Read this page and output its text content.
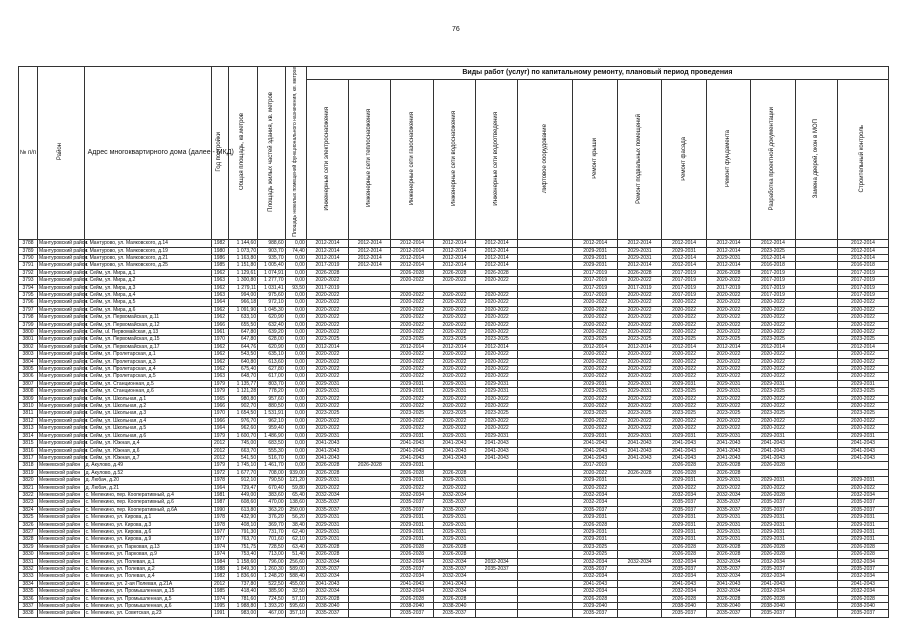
76
№ п/п	Район	Адрес многоквартирного дома (далее - МКД)	Год постройки	Общая площадь, кв.метров	Площадь жилых частей здания, кв. метров	Площадь нежилых помещений функционального назначения, кв. метров	Виды работ (услуг) по капитальному ремонту, плановый период проведения												
							Инженерные сети электроснабжения	Инженерные сети теплоснабжения	Инженерные сети газоснабжения	Инженерные сети водоснабжения	Инженерные сети водоотведения	Лифтовое оборудование	Ремонт крыши	Ремонт подвальных помещений	Ремонт фасада	Ремонт фундамента	Разработка проектной документации	Замена дверей, окон в МОП	Строительный контроль
3788	Мантуровский район	г. Мантурово, ул. Маяковского, д.14	1982	1 144,60	988,60	0,00	2012-2014	2012-2014	2012-2014	2012-2014	2012-2014		2012-2014	2012-2014	2012-2014	2012-2014	2012-2014		2012-2014
3789	Мантуровский район	г. Мантурово, ул. Маяковского, д.19	1980	1 073,70	903,70	74,40	2012-2014	2012-2014	2012-2014	2012-2014	2012-2014		2029-2031	2029-2031	2029-2031	2012-2014	2023-2025		2012-2014
3790	Мантуровский район	г. Мантурово, ул. Маяковского, д.21	1986	1 163,80	935,70	0,00	2012-2014	2012-2014	2012-2014	2012-2014	2012-2014		2029-2031	2029-2031	2012-2014	2029-2031	2012-2014		2012-2014
3791	Мантуровский район	г. Мантурово, ул. Маяковского, д.25	1985	1 151,80	1 005,40	0,00	2017-2019	2012-2014	2012-2014	2012-2014	2012-2014		2029-2031	2012-2014	2012-2014	2012-2014	2016-2018		2016-2018
3792	Мантуровский район	г. Сейм, ул. Мира, д.1	1962	1 129,61	1 074,91	0,00	2026-2028		2026-2028	2026-2028	2026-2028		2017-2019	2026-2028	2017-2019	2026-2028	2017-2019		2017-2019
3793	Мантуровский район	г. Сейм, ул. Мира, д.2	1963	1 300,80	1 277,70	0,00	2020-2022		2020-2022	2020-2022	2020-2022		2017-2019	2020-2022	2017-2019	2020-2022	2017-2019		2017-2019
3794	Мантуровский район	г. Сейм, ул. Мира, д.3	1962	1 279,11	1 031,41	93,50	2017-2019						2017-2019	2017-2019	2017-2019	2017-2019	2017-2019		2017-2019
3795	Мантуровский район	г. Сейм, ул. Мира, д.4	1963	994,00	975,60	0,00	2020-2022		2020-2022	2020-2022	2020-2022		2017-2019	2020-2022	2017-2019	2020-2022	2017-2019		2017-2019
3796	Мантуровский район	г. Сейм, ул. Мира, д.5	1964	966,18	972,10	0,00	2020-2022		2020-2022	2020-2022	2020-2022		2020-2022	2020-2022	2020-2022	2020-2022	2020-2022		2020-2022
3797	Мантуровский район	г. Сейм, ул. Мира, д.6	1962	1 091,90	1 045,30	0,00	2020-2022		2020-2022	2020-2022	2020-2022		2020-2022	2020-2022	2020-2022	2020-2022	2020-2022		2020-2022
3798	Мантуровский район	г. Сейм, ул. Первомайская, д.11	1962	633,10	620,90	0,00	2020-2022		2020-2022	2020-2022	2020-2022		2020-2022	2020-2022	2020-2022	2020-2022	2020-2022		2020-2022
3799	Мантуровский район	г. Сейм, ул. Первомайская, д.12	1966	655,50	632,40	0,00	2020-2022		2020-2022	2020-2022	2020-2022		2020-2022	2020-2022	2020-2022	2020-2022	2020-2022		2020-2022
3800	Мантуровский район	г. Сейм, ul. Первомайская, д.13	1961	647,80	639,20	0,00	2020-2022		2020-2022	2020-2022	2020-2022		2020-2022	2020-2022	2020-2022	2020-2022	2020-2022		2020-2022
3801	Мантуровский район	г. Сейм, ул. Первомайская, д.15	1970	647,80	628,00	0,00	2023-2025		2023-2025	2023-2025	2023-2025		2023-2025	2023-2025	2023-2025	2023-2025	2023-2025		2023-2025
3802	Мантуровский район	г. Сейм, ул. Первомайская, д.17	1962	644,76	620,90	0,00	2012-2014		2012-2014	2012-2014	2012-2014		2012-2014	2012-2014	2012-2014	2012-2014	2012-2014		2012-2014
3803	Мантуровский район	г. Сейм, ул. Пролетарская, д.1	1962	543,50	635,10	0,00	2020-2022		2020-2022	2020-2022	2020-2022		2020-2022	2020-2022	2020-2022	2020-2022	2020-2022		2020-2022
3804	Мантуровский район	г. Сейм, ул. Пролетарская, д.3	1962	640,80	613,60	0,00	2020-2022		2020-2022	2020-2022	2020-2022		2020-2022	2020-2022	2020-2022	2020-2022	2020-2022		2020-2022
3805	Мантуровский район	г. Сейм, ул. Пролетарская, д.4	1962	675,40	627,80	0,00	2020-2022		2020-2022	2020-2022	2020-2022		2020-2022	2020-2022	2020-2022	2020-2022	2020-2022		2020-2022
3806	Мантуровский район	г. Сейм, ул. Пролетарская, д.5	1963	648,70	617,00	0,00	2020-2022		2020-2022	2020-2022	2020-2022		2020-2022	2020-2022	2020-2022	2020-2022	2020-2022		2020-2022
3807	Мантуровский район	г. Сейм, ул. Станционная, д.5	1979	1 135,77	803,70	0,00	2029-2031		2029-2031	2029-2031	2029-2031		2029-2031	2029-2031	2029-2031	2029-2031	2029-2031		2029-2031
3808	Мантуровский район	г. Сейм, ул. Станционная, д.6	1979	1 121,28	778,20	0,00	2029-2031		2029-2031	2029-2031	2029-2031		2023-2025	2029-2031	2023-2025	2029-2031	2023-2025		2023-2025
3809	Мантуровский район	г. Сейм, ул. Школьная, д.1	1965	980,80	957,60	0,00	2020-2022		2020-2022	2020-2022	2020-2022		2020-2022	2020-2022	2020-2022	2020-2022	2020-2022		2020-2022
3810	Мантуровский район	г. Сейм, ул. Школьная, д.2	1966	902,70	880,50	0,00	2020-2022		2020-2022	2020-2022	2020-2022		2020-2022	2020-2022	2020-2022	2020-2022	2020-2022		2020-2022
3811	Мантуровский район	г. Сейм, ул. Школьная, д.3	1970	1 654,50	1 531,91	0,00	2023-2025		2023-2025	2023-2025	2023-2025		2023-2025	2023-2025	2023-2025	2023-2025	2023-2025		2023-2025
3812	Мантуровский район	г. Сейм, ул. Школьная, д.4	1966	976,70	962,10	0,00	2020-2022		2020-2022	2020-2022	2020-2022		2020-2022	2020-2022	2020-2022	2020-2022	2020-2022		2020-2022
3813	Мантуровский район	г. Сейм, ул. Школьная, д.5	1964	962,60	959,40	0,00	2020-2022		2020-2022	2020-2022	2020-2022		2020-2022	2020-2022	2020-2022	2020-2022	2020-2022		2020-2022
3814	Мантуровский район	г. Сейм, ул. Школьная, д.6	1979	1 600,70	1 486,90	0,00	2029-2031		2029-2031	2029-2031	2029-2031		2029-2031	2029-2031	2029-2031	2029-2031	2029-2031		2029-2031
3815	Мантуровский район	г. Сейм, ул. Южная, д.4	2012	745,00	683,50	0,00	2041-2043		2041-2043	2041-2043	2041-2043		2041-2043	2041-2043	2041-2043	2041-2043	2041-2043		2041-2043
3816	Мантуровский район	г. Сейм, ул. Южная, д.6	2012	663,70	555,30	0,00	2041-2043		2041-2043	2041-2043	2041-2043		2041-2043	2041-2043	2041-2043	2041-2043	2041-2043		2041-2043
3817	Мантуровский район	г. Сейм, ул. Южная, д.7	2012	541,50	516,70	0,00	2041-2043		2041-2043	2041-2043	2041-2043		2041-2043	2041-2043	2041-2043	2041-2043	2041-2043		2041-2043
3818	Межевской район	д. Акулово, д.49	1979	1 745,10	1 461,70	0,00	2026-2028	2026-2028	2029-2031				2017-2019		2026-2028	2026-2028	2026-2028		
3819	Межевской район	д. Акулово, д.52	1972	1 677,70	708,00	939,00	2026-2028		2026-2028	2026-2028			2020-2022	2026-2028	2026-2028	2026-2028			
3820	Межевской район	д. Любач, д.20	1978	912,10	790,50	121,20	2029-2031		2029-2031	2029-2031			2029-2031		2029-2031	2029-2031	2029-2031		2029-2031
3821	Межевской район	д. Любач, д.21	1964	729,47	670,40	59,80	2020-2022		2020-2022	2020-2022			2020-2022		2020-2022	2020-2022	2020-2022		2020-2022
3822	Межевской район	с. Мелекино, пер. Кооперативный, д.4	1981	449,00	383,60	65,40	2032-2034		2032-2034	2032-2034			2032-2034		2032-2034	2032-2034	2026-2028		2032-2034
3823	Межевской район	с. Мелекино, пер. Кооперативный, д.6	1987	608,60	470,00	138,60	2035-2037		2035-2037	2035-2037			2032-2034		2035-2037	2035-2037	2035-2037		2035-2037
3824	Межевской район	с. Мелекино, пер. Кооперативный, д.6А	1990	613,80	363,20	250,00	2035-2037		2035-2037	2035-2037			2035-2037		2035-2037	2035-2037	2035-2037		2035-2037
3825	Межевской район	с. Мелекино, ул. Кирова, д.1	1978	432,90	376,20	56,20	2029-2031		2029-2031	2029-2031			2029-2031		2029-2031	2029-2031	2029-2031		2029-2031
3826	Межевской район	с. Мелекино, ул. Кирова, д.3	1978	408,10	369,70	38,40	2029-2031		2029-2031	2029-2031			2026-2028		2029-2031	2029-2031	2029-2031		2029-2031
3827	Межевской район	с. Мелекино, ул. Кирова, д.6	1977	791,30	731,70	62,40	2029-2031		2029-2031	2029-2031			2029-2031		2029-2031	2029-2031	2029-2031		2029-2031
3828	Межевской район	с. Мелекино, ул. Кирова, д.9	1977	763,70	701,60	62,10	2029-2031		2029-2031	2029-2031			2029-2031		2029-2031	2029-2031	2029-2031		2029-2031
3829	Межевской район	с. Мелекино, ул. Парковая, д.13	1974	751,75	728,50	63,40	2026-2028		2026-2028	2026-2028			2023-2025		2026-2028	2026-2028	2026-2028		2026-2028
3830	Межевской район	с. Мелекино, ул. Парковая, д.9	1974	753,40	713,00	51,40	2026-2028		2026-2028	2026-2028			2023-2025		2026-2028	2026-2028	2026-2028		2026-2028
3831	Межевской район	с. Мелекино, ул. Полевая, д.1	1984	1 158,60	796,00	256,60	2032-2034		2032-2034	2032-2034	2032-2034		2032-2034	2032-2034	2032-2034	2032-2034	2032-2034		2032-2034
3832	Межевской район	с. Мелекино, ул. Полевая, д.2	1988	1 849,30	1 260,30	589,00	2035-2037		2035-2037	2035-2037	2035-2037		2035-2037		2035-2037	2035-2037	2035-2037		2035-2037
3833	Межевской район	с. Мелекино, ул. Полевая, д.4	1982	1 836,60	1 248,20	588,40	2032-2034		2032-2034	2032-2034			2032-2034		2032-2034	2032-2034	2032-2034		2032-2034
3834	Межевской район	с. Мелекино, ул. 2-ая Полевая, д.21А	2012	737,80	522,50	455,00	2041-2043		2041-2043	2041-2043			2041-2043		2041-2043	2041-2043	2041-2043		2041-2043
3835	Межевской район	с. Мелекино, ул. Промышленная, д.15	1985	418,40	385,90	32,50	2032-2034		2032-2034	2032-2034			2032-2034		2032-2034	2032-2034	2032-2034		2032-2034
3836	Межевской район	с. Мелекино, ул. Промышленная, д.5	1974	781,60	724,50	57,10	2026-2028		2026-2028	2026-2028			2026-2028		2026-2028	2026-2028	2026-2028		2026-2028
3837	Межевской район	с. Мелекино, ул. Промышленная, д.6	1995	1 988,80	1 393,20	595,60	2038-2040		2038-2040	2038-2040			2029-2040		2038-2040	2038-2040	2038-2040		2038-2040
3838	Межевской район	с. Мелекино, ул. Советская, д.23	1991	983,00	467,00	357,10	2035-2037		2035-2037	2035-2037			2035-2037		2035-2037	2035-2037	2035-2037		2035-2037
